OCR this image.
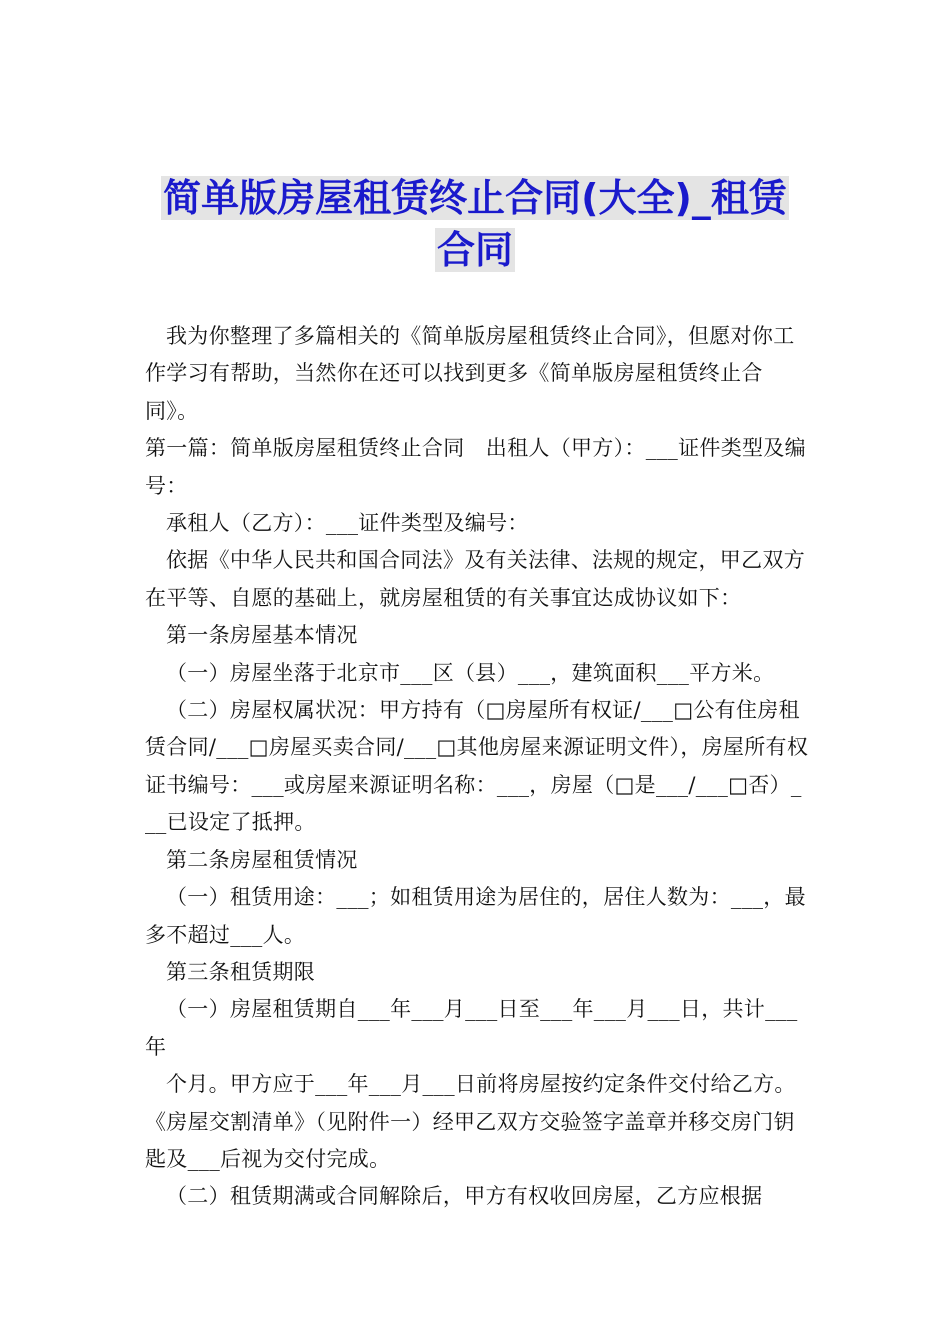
简单版房屋租赁终止合同(大全)_租赁
合同

我为你整理了多篇相关的《简单版房屋租赁终止合同》，但愿对你工作学习有帮助，当然你在还可以找到更多《简单版房屋租赁终止合同》。

第一篇：简单版房屋租赁终止合同　出租人（甲方）：___证件类型及编号：

承租人（乙方）：___证件类型及编号：

依据《中华人民共和国合同法》及有关法律、法规的规定，甲乙双方在平等、自愿的基础上，就房屋租赁的有关事宜达成协议如下：

第一条房屋基本情况

（一）房屋坐落于北京市___区（县）___，建筑面积___平方米。

（二）房屋权属状况：甲方持有（□房屋所有权证/___□公有住房租赁合同/___□房屋买卖合同/___□其他房屋来源证明文件），房屋所有权证书编号：___或房屋来源证明名称：___，房屋（□是___/___□否）___已设定了抵押。

第二条房屋租赁情况

（一）租赁用途：___；如租赁用途为居住的，居住人数为：___，最多不超过___人。

第三条租赁期限

（一）房屋租赁期自___年___月___日至___年___月___日，共计___年

个月。甲方应于___年___月___日前将房屋按约定条件交付给乙方。《房屋交割清单》（见附件一）经甲乙双方交验签字盖章并移交房门钥匙及___后视为交付完成。

（二）租赁期满或合同解除后，甲方有权收回房屋，乙方应根据
